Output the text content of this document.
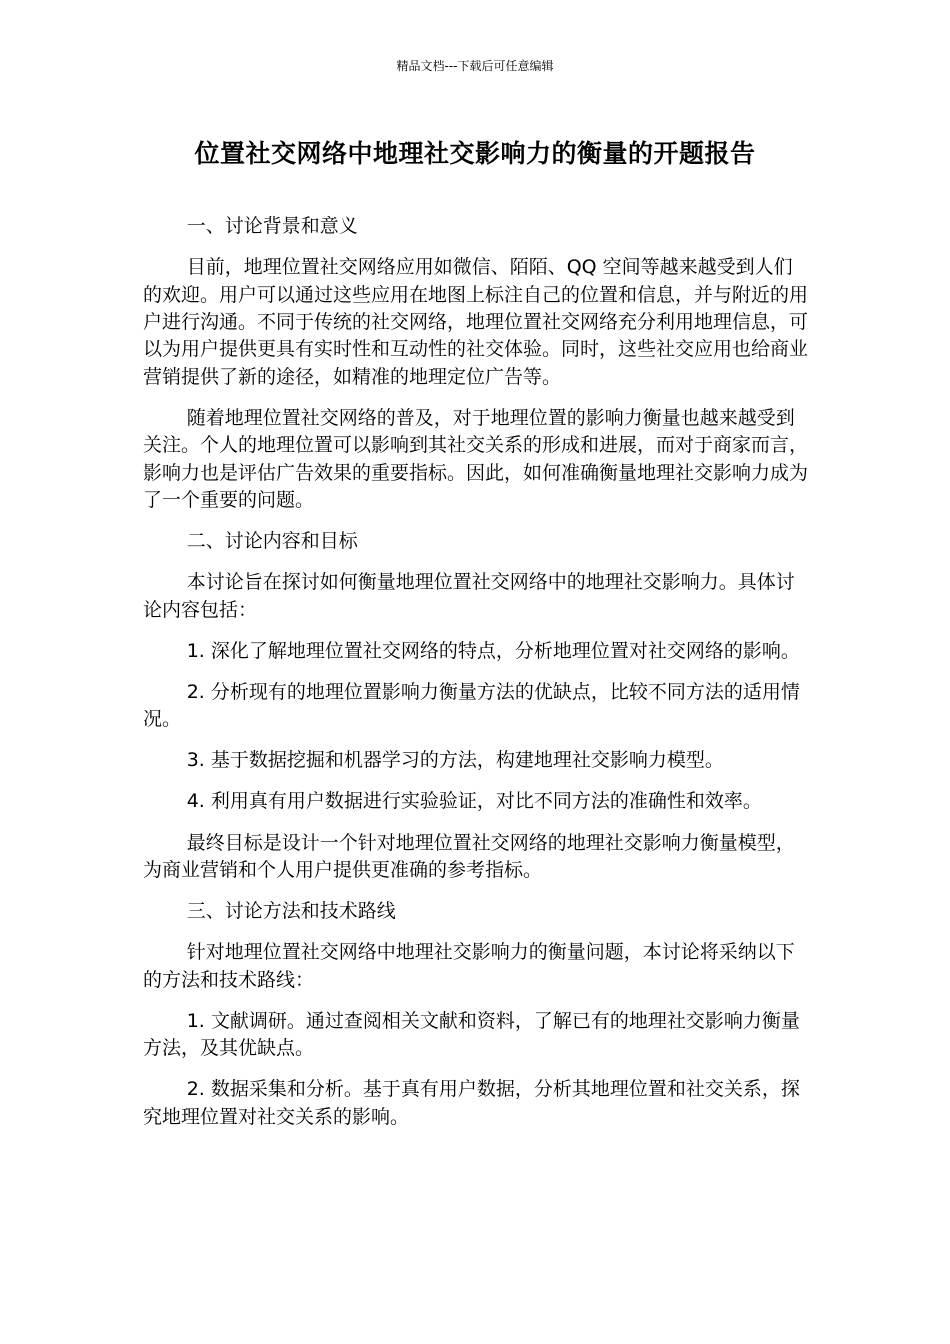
精品文档---下载后可任意编辑
位置社交网络中地理社交影响力的衡量的开题报告
一、讨论背景和意义
目前，地理位置社交网络应用如微信、陌陌、QQ 空间等越来越受到人们的欢迎。用户可以通过这些应用在地图上标注自己的位置和信息，并与附近的用户进行沟通。不同于传统的社交网络，地理位置社交网络充分利用地理信息，可以为用户提供更具有实时性和互动性的社交体验。同时，这些社交应用也给商业营销提供了新的途径，如精准的地理定位广告等。
随着地理位置社交网络的普及，对于地理位置的影响力衡量也越来越受到关注。个人的地理位置可以影响到其社交关系的形成和进展，而对于商家而言，影响力也是评估广告效果的重要指标。因此，如何准确衡量地理社交影响力成为了一个重要的问题。
二、讨论内容和目标
本讨论旨在探讨如何衡量地理位置社交网络中的地理社交影响力。具体讨论内容包括：
1. 深化了解地理位置社交网络的特点，分析地理位置对社交网络的影响。
2. 分析现有的地理位置影响力衡量方法的优缺点，比较不同方法的适用情况。
3. 基于数据挖掘和机器学习的方法，构建地理社交影响力模型。
4. 利用真有用户数据进行实验验证，对比不同方法的准确性和效率。
最终目标是设计一个针对地理位置社交网络的地理社交影响力衡量模型，为商业营销和个人用户提供更准确的参考指标。
三、讨论方法和技术路线
针对地理位置社交网络中地理社交影响力的衡量问题，本讨论将采纳以下的方法和技术路线：
1. 文献调研。通过查阅相关文献和资料，了解已有的地理社交影响力衡量方法，及其优缺点。
2. 数据采集和分析。基于真有用户数据，分析其地理位置和社交关系，探究地理位置对社交关系的影响。
